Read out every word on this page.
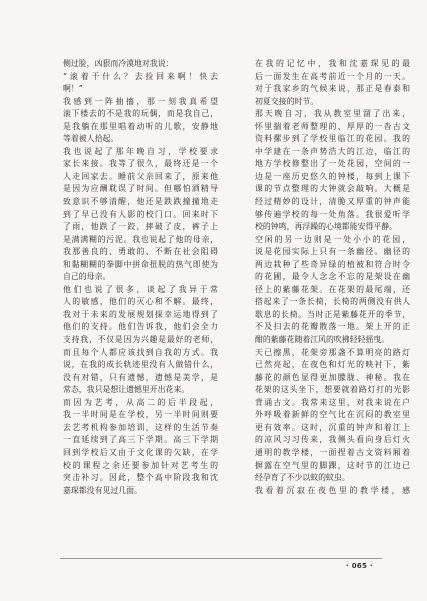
侧过脸，凶狠而冷漠地对我说：
“滚着干什么？去捡回来啊！快去
啊！”
我感到一阵抽搐，那一刻我真希望
滚下楼去的不是我的玩偶，而是我自己，
是我躺在那里唱着动听的儿歌，安静地
等着被人拾起。
我也说起了那年晚自习，学校要求
家长来接。我等了很久，最终还是一个
人走回家去。睡前父亲回来了，原来他
是因为应酬耽误了时间。但哪怕酒精导
致意识不够清醒，他还是跌跌撞撞地走
到了早已没有人影的校门口。回来时下
了雨，他跌了一跤，摔破了皮，裤子上
是满满糊的污泥。我也说起了他的母亲，
我那善良的、勇敢的、不断在社会阻碍
和黏糊糊的拳脚中拼命扭脱的热气即使为
自己的母亲。
他们也说了很多，谈起了我异于常
人的敏感，他们的灭心和不解。最终，
我对于未来的发展规划探幸运地得到了
他们的支持。他们告诉我，他们会全力
支持我，不仅是因为兴趣是最好的老师，
而且每个人都应该找到自我的方式。我
说，在我的成长轨迹里没有人做错什么，
没有对错，只有遗憾，遗憾是美学，是
常态，我只是想让遗憾里开出花来。
而因为艺考，从高二的后半段起，
我一半时间是在学校，另一半时间则要
去艺考机构参加培训，这样的生活节奏
一直延续到了高三下学期。高三下学期
回到学校后又由于文化课的欠缺，在学
校的课程之余还要参加针对艺考生的
突击补习。因此，整个高中阶段我和沈
嘉琛都没有见过几面。
在我的记忆中，我和沈嘉琛见的最
后一面发生在高考前近一个月的一天。
对于我家乡的气候来说，那正是春泰和
初夏交接的时节。
那天晚自习，我从教室里溜了出来，
怀里揣着老师整理的、厚厚的一沓古文
资料摞步到了学校里临江的花园。我的
中学建在一条声势浩大的江边，临江的
地方学校修整出了一处花园，空间的一
边是一座历史悠久的钟楼，每到上课下
课的节点整理的大钟就会敲响。大概是
经过精妙的设计，清脆又厚重的钟声能
够传遍学校的每一处角落。我很爱听学
校的钟鸣，再浮躁的心境都能安得平静。
空闲的另一边则是一处小小的花园，
说是花园实际上只有一条幽径。幽径的
两边栽种了些奇异绿的植被和符合时令
的花圃，最令人念念不忘的是架设在幽
径上的紫藤花架。在花架的最尾端，还
搭起来了一条长椅，长椅的两侧没有供人
歇息的长椅。当时正是紫藤花开的季节，
不及扫去的花瓣散落一地。架上开的正
酣的紫藤花随着江风的吹拂轻轻摇曳。
天已擦黑，花架旁那盏不算明亮的路灯
已然亮起，在夜色和灯光的映衬下，紫
藤花的颜色显得更加朦胧、神秘。我在
花架的这头坐下，想要就着路灯打的光影
背诵古文。我常来这里，对我来说在户
外呼吸着新鲜的空气比在沉闷的教室里
更有效率。这时，沉重的钟声和着江上
的凉风习习传来，我侧头看向身后灯火
通明的教学楼，一面捏着古文资料厢着
摒露在空气里的脚踝，这时节的江边已
经孕育了不少以蚊的蚊虫。
我看着沉寂在夜色里的教学楼，感
· 065 ·
